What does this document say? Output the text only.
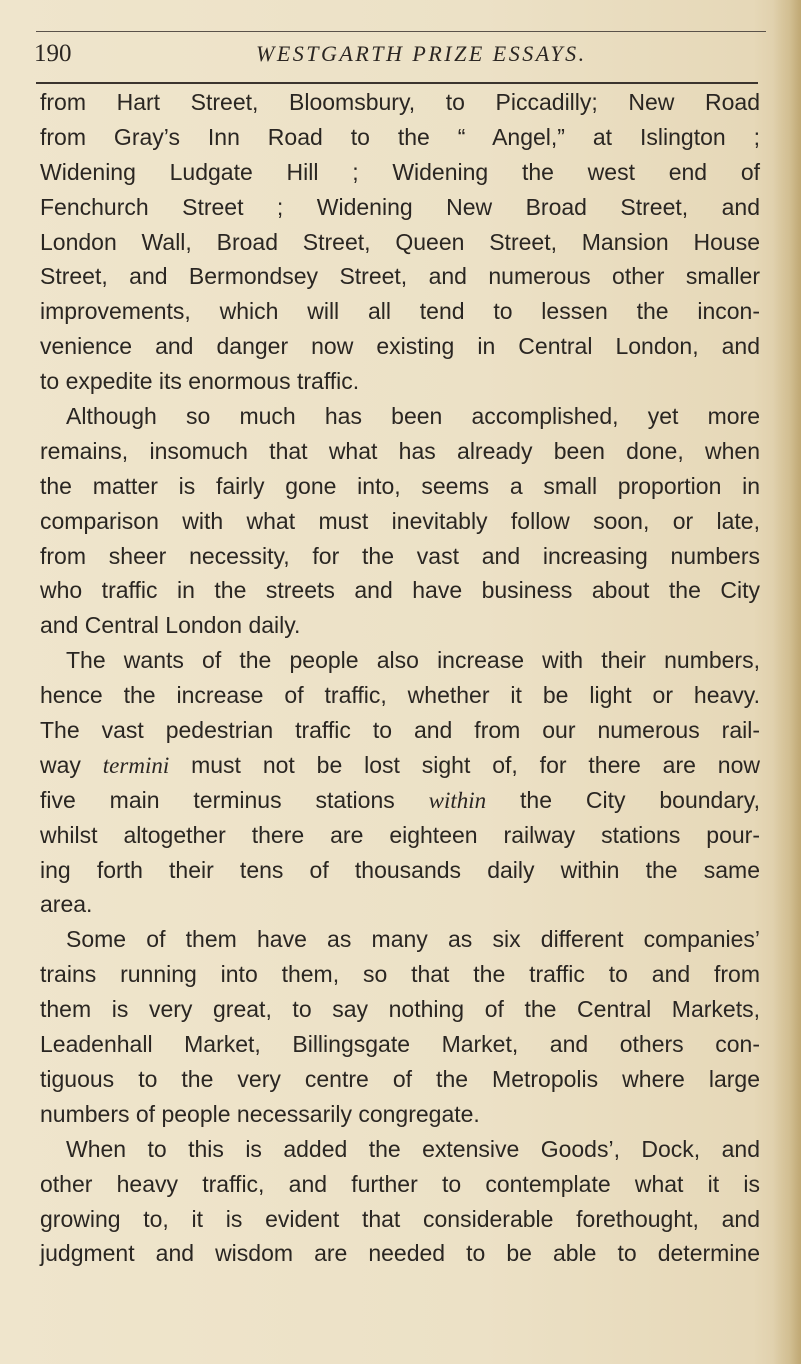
190	WESTGARTH PRIZE ESSAYS.
from Hart Street, Bloomsbury, to Piccadilly; New Road
from Gray’s Inn Road to the “ Angel,” at Islington ;
Widening Ludgate Hill ; Widening the west end of
Fenchurch Street ; Widening New Broad Street, and
London Wall, Broad Street, Queen Street, Mansion House
Street, and Bermondsey Street, and numerous other smaller
improvements, which will all tend to lessen the incon-
venience and danger now existing in Central London, and
to expedite its enormous traffic.
Although so much has been accomplished, yet more
remains, insomuch that what has already been done, when
the matter is fairly gone into, seems a small proportion in
comparison with what must inevitably follow soon, or late,
from sheer necessity, for the vast and increasing numbers
who traffic in the streets and have business about the City
and Central London daily.
The wants of the people also increase with their numbers,
hence the increase of traffic, whether it be light or heavy.
The vast pedestrian traffic to and from our numerous rail-
way termini must not be lost sight of, for there are now
five main terminus stations within the City boundary,
whilst altogether there are eighteen railway stations pour-
ing forth their tens of thousands daily within the same
area.
Some of them have as many as six different companies’
trains running into them, so that the traffic to and from
them is very great, to say nothing of the Central Markets,
Leadenhall Market, Billingsgate Market, and others con-
tiguous to the very centre of the Metropolis where large
numbers of people necessarily congregate.
When to this is added the extensive Goods’, Dock, and
other heavy traffic, and further to contemplate what it is
growing to, it is evident that considerable forethought, and
judgment and wisdom are needed to be able to determine
